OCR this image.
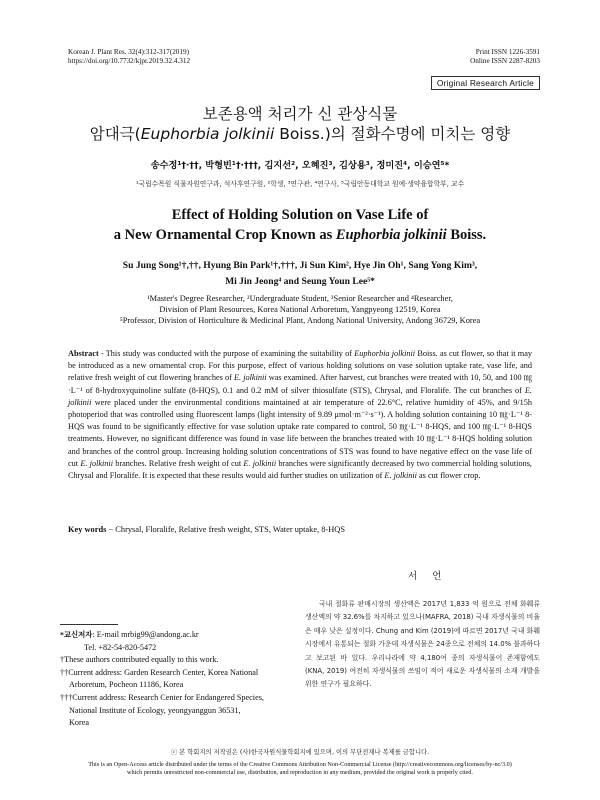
Korean J. Plant Res. 32(4):312-317(2019)
https://doi.org/10.7732/kjpr.2019.32.4.312
Print ISSN 1226-3591
Online ISSN 2287-8203
Original Research Article
보존용액 처리가 신 관상식물
암대극(Euphorbia jolkinii Boiss.)의 절화수명에 미치는 영향
송수정¹†·††, 박형빈¹†·†††, 김지선², 오혜진³, 김상용³, 정미진⁴, 이승연⁵*
¹국립수목원 식물자원연구과, 석사후연구원, ²학생, ³연구관, ⁴연구사, ⁵국립안동대학교 원예·생약융합학부, 교수
Effect of Holding Solution on Vase Life of
a New Ornamental Crop Known as Euphorbia jolkinii Boiss.
Su Jung Song¹†,††, Hyung Bin Park¹†,†††, Ji Sun Kim², Hye Jin Oh¹, Sang Yong Kim³,
Mi Jin Jeong⁴ and Seung Youn Lee⁵*
¹Master's Degree Researcher, ²Undergraduate Student, ³Senior Researcher and ⁴Researcher,
Division of Plant Resources, Korea National Arboretum, Yangpyeong 12519, Korea
⁵Professor, Division of Horticulture & Medicinal Plant, Andong National University, Andong 36729, Korea
Abstract - This study was conducted with the purpose of examining the suitability of Euphorbia jolkinii Boiss. as cut flower, so that it may be introduced as a new ornamental crop. For this purpose, effect of various holding solutions on vase solution uptake rate, vase life, and relative fresh weight of cut flowering branches of E. jolkinii was examined. After harvest, cut branches were treated with 10, 50, and 100 ㎎·L⁻¹ of 8-hydroxyquinoline sulfate (8-HQS), 0.1 and 0.2 mM of silver thiosulfate (STS), Chrysal, and Floralife. The cut branches of E. jolkinii were placed under the environmental conditions maintained at air temperature of 22.6°C, relative humidity of 45%, and 9/15h photoperiod that was controlled using fluorescent lamps (light intensity of 9.89 μmol·m⁻²·s⁻¹). A holding solution containing 10 ㎎·L⁻¹ 8-HQS was found to be significantly effective for vase solution uptake rate compared to control, 50 ㎎·L⁻¹ 8-HQS, and 100 ㎎·L⁻¹ 8-HQS treatments. However, no significant difference was found in vase life between the branches treated with 10 ㎎·L⁻¹ 8-HQS holding solution and branches of the control group. Increasing holding solution concentrations of STS was found to have negative effect on the vase life of cut E. jolkinii branches. Relative fresh weight of cut E. jolkinii branches were significantly decreased by two commercial holding solutions, Chrysal and Floralife. It is expected that these results would aid further studies on utilization of E. jolkinii as cut flower crop.
Key words − Chrysal, Floralife, Relative fresh weight, STS, Water uptake, 8-HQS
서 언
국내 절화류 판매시장의 생산액은 2017년 1,833 억 원으로 전체 화훼류 생산액의 약 32.6%를 차지하고 있으나(MAFRA, 2018) 국내 자생식물의 비율은 매우 낮은 실정이다. Chung and Kim (2019)에 따르면 2017년 국내 화훼시장에서 유통되는 절화 가운데 자생식물은 24종으로 전체의 14.0% 불과하다고 보고된 바 있다. 우리나라에 약 4,180여 종의 자생식물이 존재함에도 (KNA, 2019) 여전히 자생식물의 쓰임이 적어 새로운 자생식물의 소재 개발을 위한 연구가 필요하다.
*교신저자: E-mail mrbig99@andong.ac.kr
Tel. +82-54-820-5472
†These authors contributed equally to this work.
††Current address: Garden Research Center, Korea National
Arboretum, Pocheon 11186, Korea
†††Current address: Research Center for Endangered Species,
National Institute of Ecology, yeongyanggun 36531,
Korea
ⓒ 본 학회지의 저작권은 (사)한국자원식물학회지에 있으며, 이의 무단전재나 복제를 금합니다.
This is an Open-Access article distributed under the terms of the Creative Commons Attribution Non-Commercial License (http://creativecommons.org/licenses/by-nc/3.0)
which permits unrestricted non-commercial use, distribution, and reproduction in any medium, provided the original work is properly cited.
